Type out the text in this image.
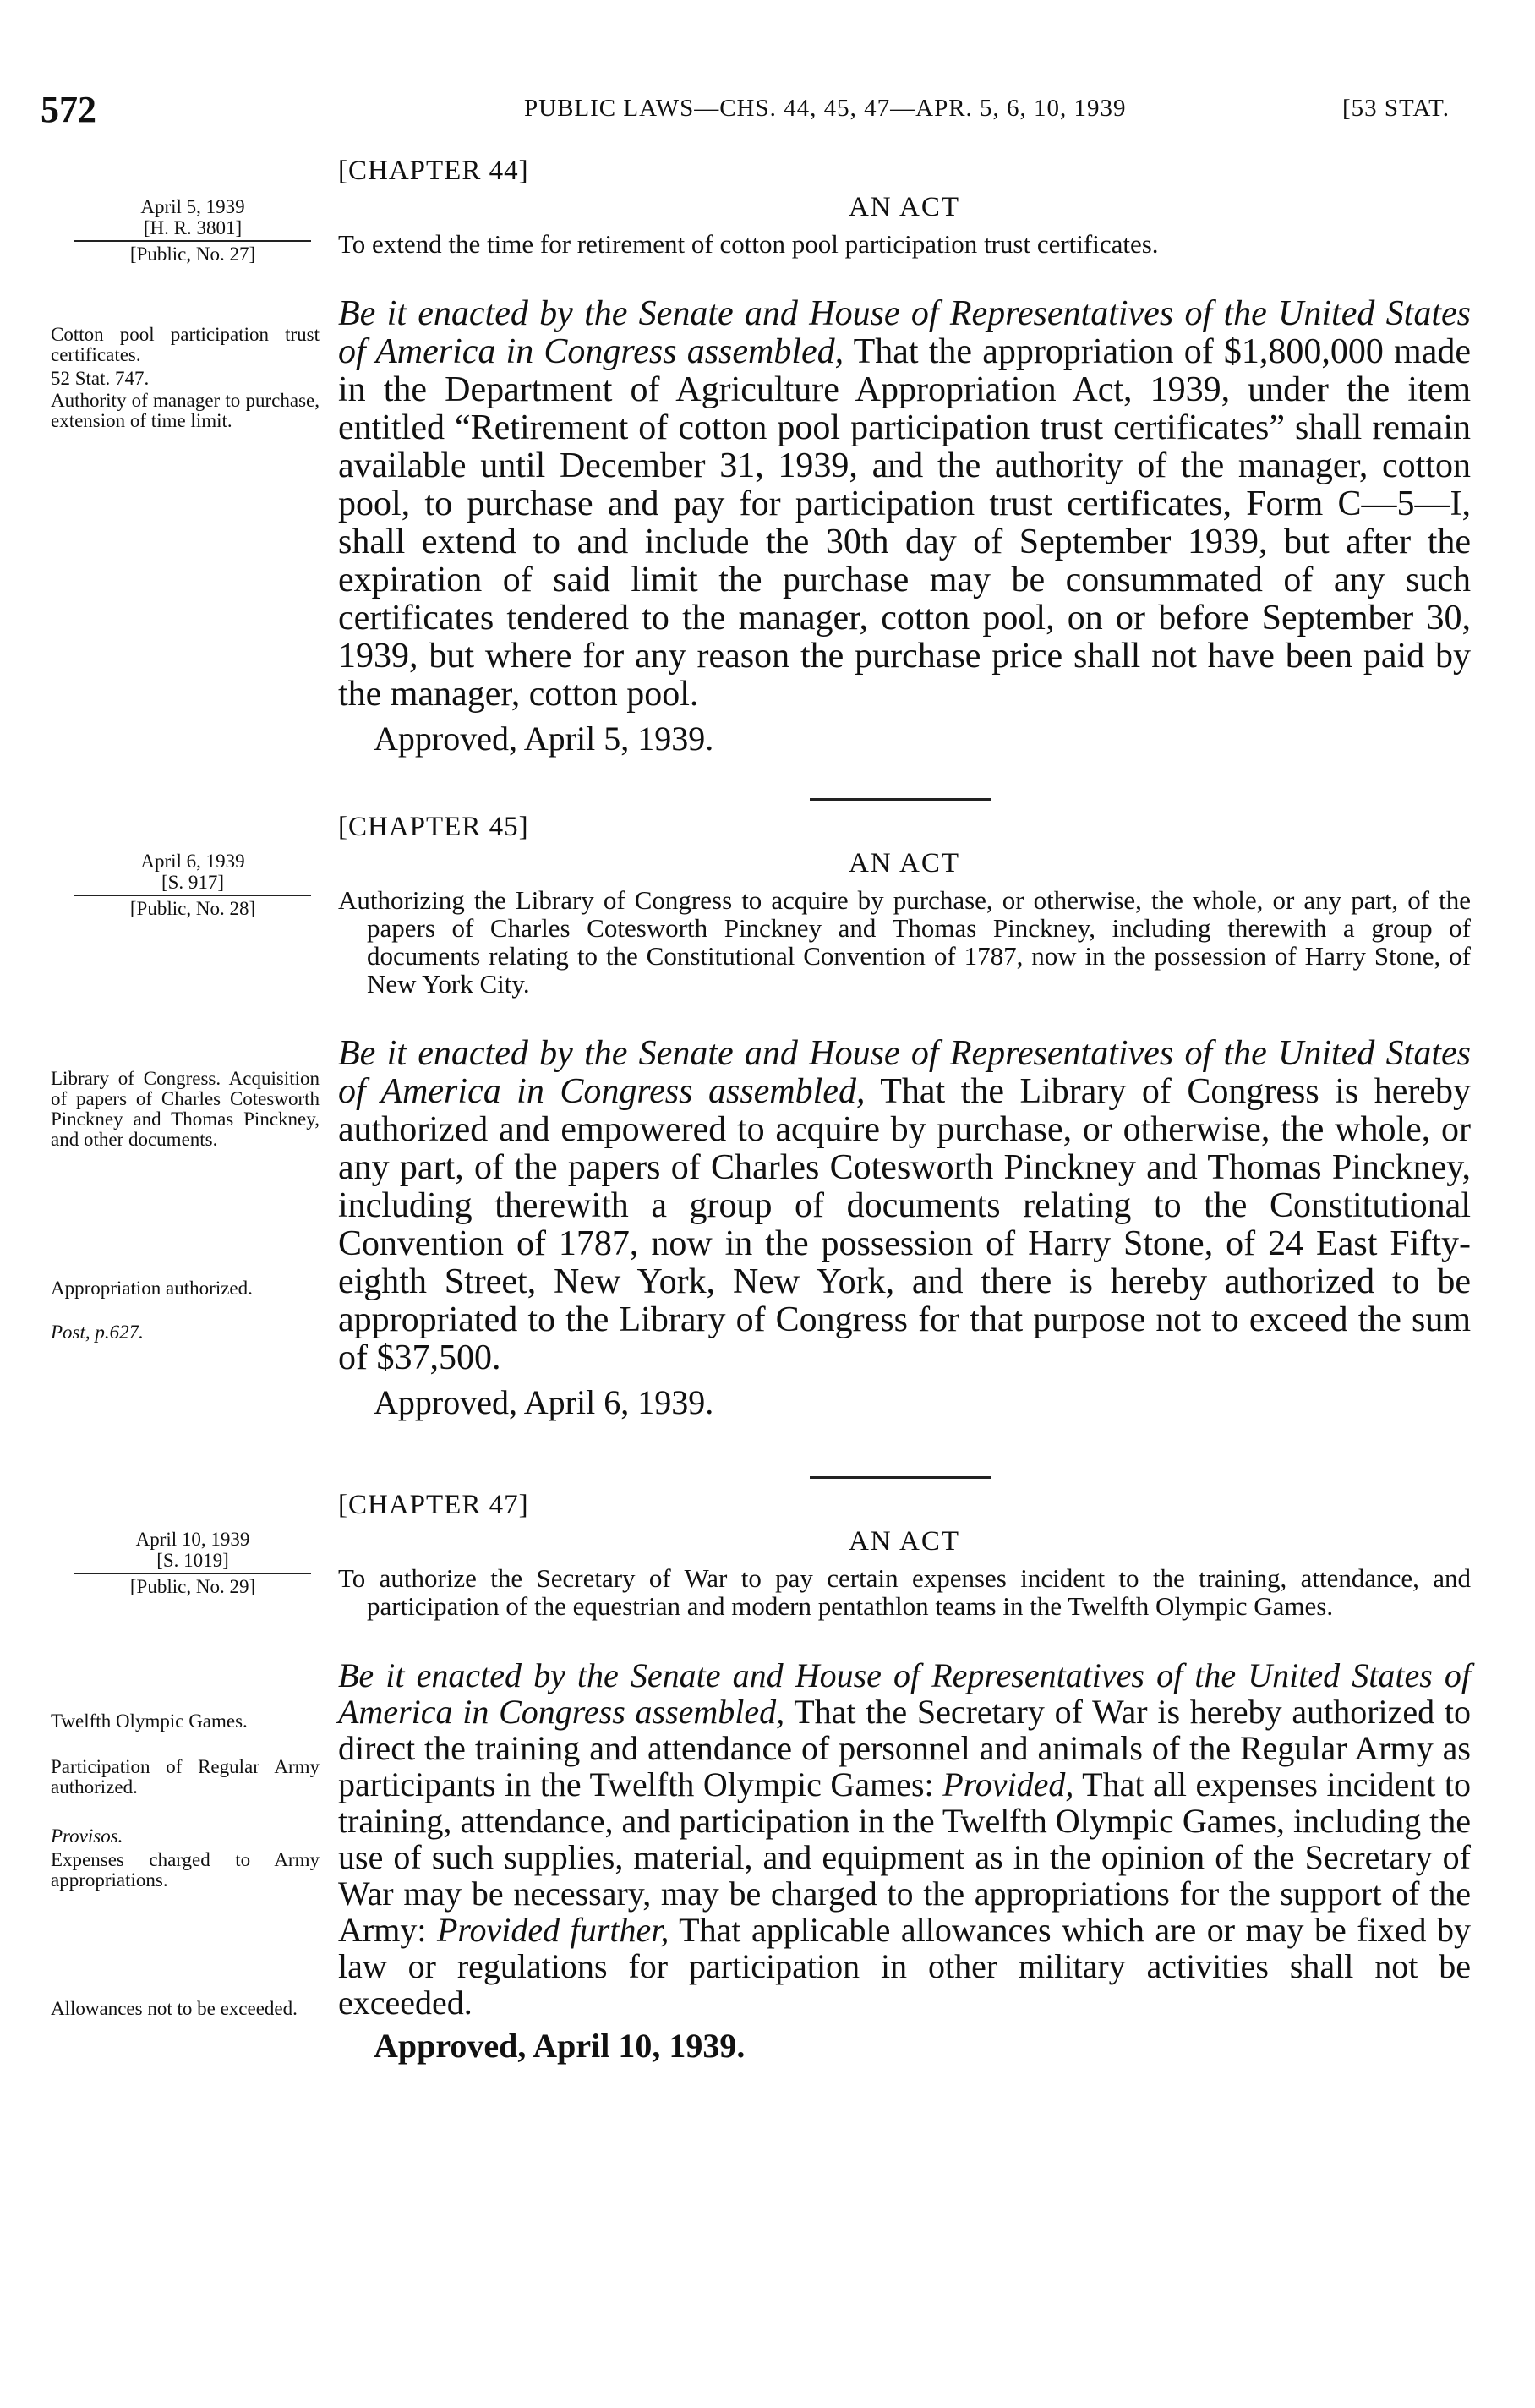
572	PUBLIC LAWS—CHS. 44, 45, 47—APR. 5, 6, 10, 1939	[53 STAT.
April 5, 1939
[H. R. 3801]
[Public, No. 27]
Cotton pool participation trust certificates.
52 Stat. 747.
Authority of manager to purchase, extension of time limit.
[CHAPTER 44]
AN ACT
To extend the time for retirement of cotton pool participation trust certificates.

Be it enacted by the Senate and House of Representatives of the United States of America in Congress assembled, That the appropriation of $1,800,000 made in the Department of Agriculture Appropriation Act, 1939, under the item entitled “Retirement of cotton pool participation trust certificates” shall remain available until December 31, 1939, and the authority of the manager, cotton pool, to purchase and pay for participation trust certificates, Form C—5—I, shall extend to and include the 30th day of September 1939, but after the expiration of said limit the purchase may be consummated of any such certificates tendered to the manager, cotton pool, on or before September 30, 1939, but where for any reason the purchase price shall not have been paid by the manager, cotton pool.

Approved, April 5, 1939.
April 6, 1939
[S. 917]
[Public, No. 28]
Library of Congress. Acquisition of papers of Charles Cotesworth Pinckney and Thomas Pinckney, and other documents.
Appropriation authorized.
Post, p.627.
[CHAPTER 45]
AN ACT
Authorizing the Library of Congress to acquire by purchase, or otherwise, the whole, or any part, of the papers of Charles Cotesworth Pinckney and Thomas Pinckney, including therewith a group of documents relating to the Constitutional Convention of 1787, now in the possession of Harry Stone, of New York City.

Be it enacted by the Senate and House of Representatives of the United States of America in Congress assembled, That the Library of Congress is hereby authorized and empowered to acquire by purchase, or otherwise, the whole, or any part, of the papers of Charles Cotesworth Pinckney and Thomas Pinckney, including therewith a group of documents relating to the Constitutional Convention of 1787, now in the possession of Harry Stone, of 24 East Fifty-eighth Street, New York, New York, and there is hereby authorized to be appropriated to the Library of Congress for that purpose not to exceed the sum of $37,500.

Approved, April 6, 1939.
April 10, 1939
[S. 1019]
[Public, No. 29]
Twelfth Olympic Games.
Participation of Regular Army authorized.
Provisos.
Expenses charged to Army appropriations.
Allowances not to be exceeded.
[CHAPTER 47]
AN ACT
To authorize the Secretary of War to pay certain expenses incident to the training, attendance, and participation of the equestrian and modern pentathlon teams in the Twelfth Olympic Games.

Be it enacted by the Senate and House of Representatives of the United States of America in Congress assembled, That the Secretary of War is hereby authorized to direct the training and attendance of personnel and animals of the Regular Army as participants in the Twelfth Olympic Games: Provided, That all expenses incident to training, attendance, and participation in the Twelfth Olympic Games, including the use of such supplies, material, and equipment as in the opinion of the Secretary of War may be necessary, may be charged to the appropriations for the support of the Army: Provided further, That applicable allowances which are or may be fixed by law or regulations for participation in other military activities shall not be exceeded.

Approved, April 10, 1939.
